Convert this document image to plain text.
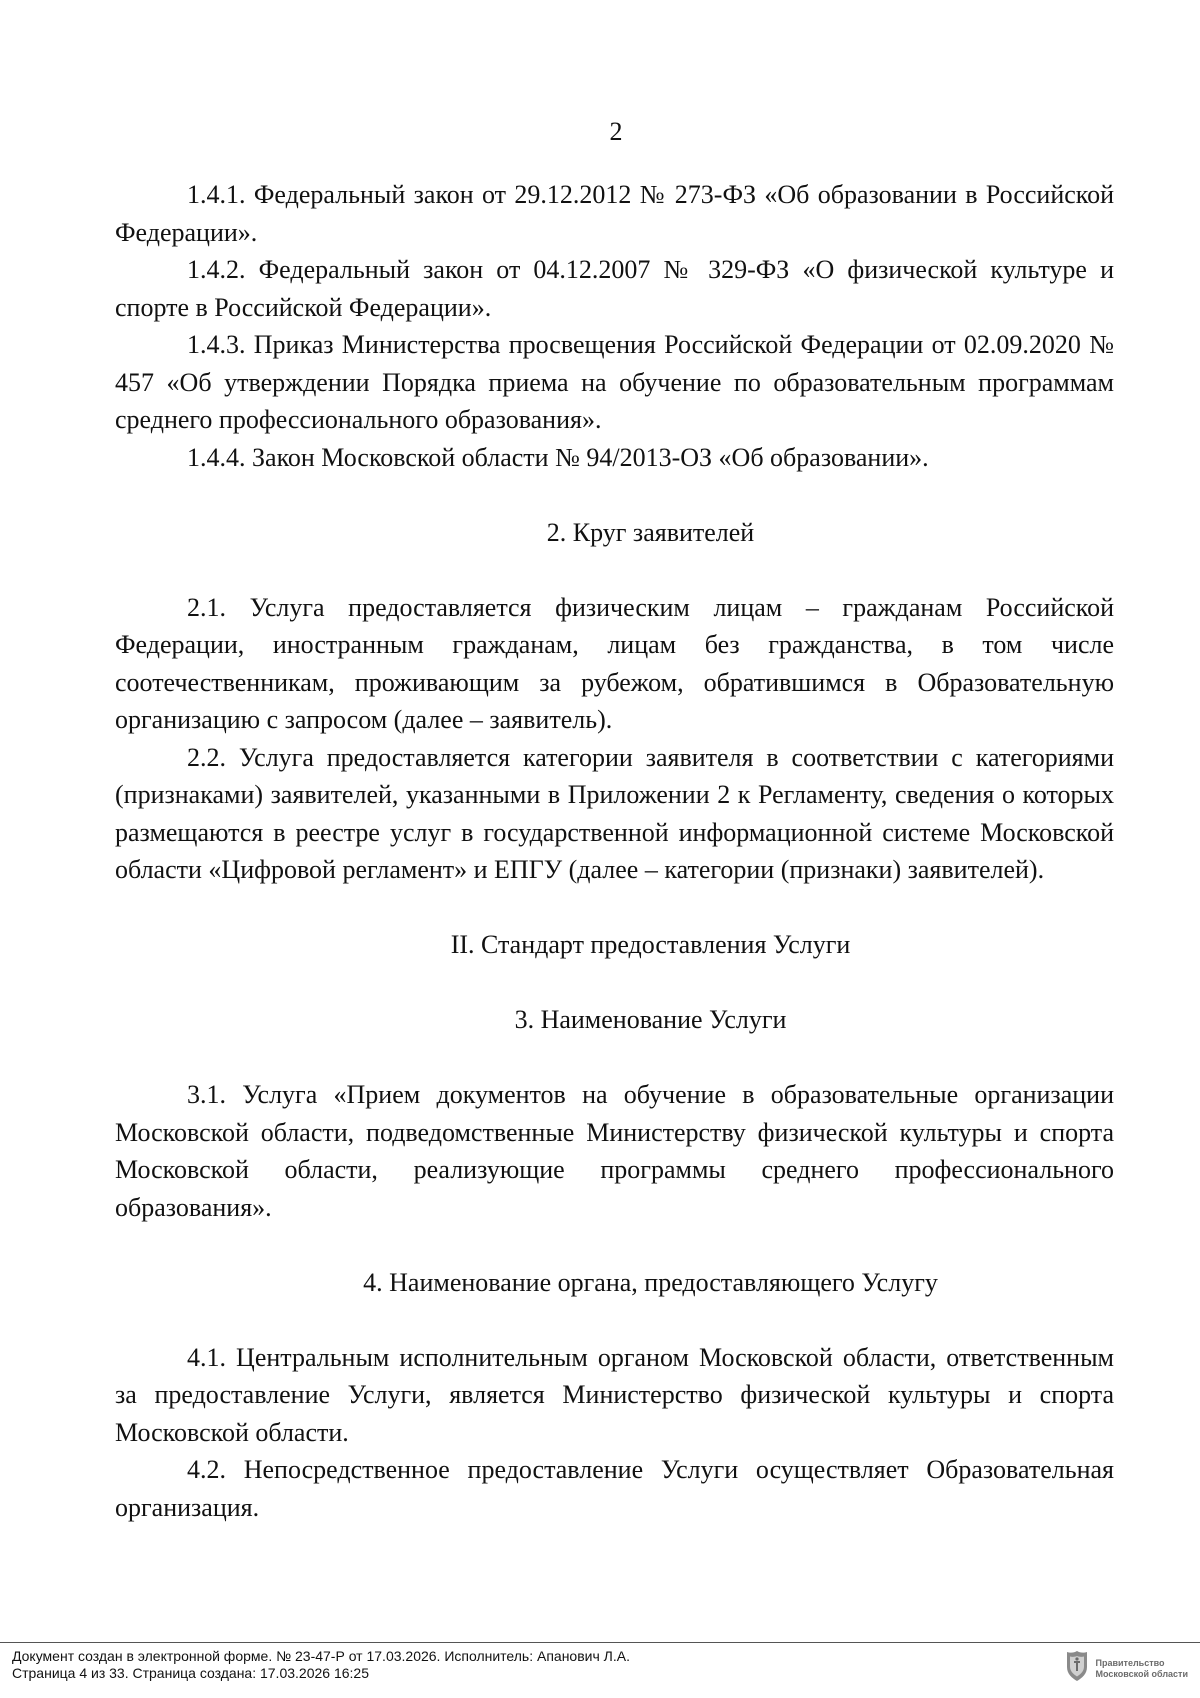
2

1.4.1. Федеральный закон от 29.12.2012 № 273-ФЗ «Об образовании в Российской Федерации».

1.4.2. Федеральный закон от 04.12.2007 № 329-ФЗ «О физической культуре и спорте в Российской Федерации».

1.4.3. Приказ Министерства просвещения Российской Федерации от 02.09.2020 № 457 «Об утверждении Порядка приема на обучение по образовательным программам среднего профессионального образования».

1.4.4. Закон Московской области № 94/2013-ОЗ «Об образовании».

2. Круг заявителей

2.1. Услуга предоставляется физическим лицам – гражданам Российской Федерации, иностранным гражданам, лицам без гражданства, в том числе соотечественникам, проживающим за рубежом, обратившимся в Образовательную организацию с запросом (далее – заявитель).

2.2. Услуга предоставляется категории заявителя в соответствии с категориями (признаками) заявителей, указанными в Приложении 2 к Регламенту, сведения о которых размещаются в реестре услуг в государственной информационной системе Московской области «Цифровой регламент» и ЕПГУ (далее – категории (признаки) заявителей).

II. Стандарт предоставления Услуги

3. Наименование Услуги

3.1. Услуга «Прием документов на обучение в образовательные организации Московской области, подведомственные Министерству физической культуры и спорта Московской области, реализующие программы среднего профессионального образования».

4. Наименование органа, предоставляющего Услугу

4.1. Центральным исполнительным органом Московской области, ответственным за предоставление Услуги, является Министерство физической культуры и спорта Московской области.

4.2. Непосредственное предоставление Услуги осуществляет Образовательная организация.

Документ создан в электронной форме. № 23-47-Р от 17.03.2026. Исполнитель: Апанович Л.А.
Страница 4 из 33. Страница создана: 17.03.2026 16:25
Правительство
Московской области
